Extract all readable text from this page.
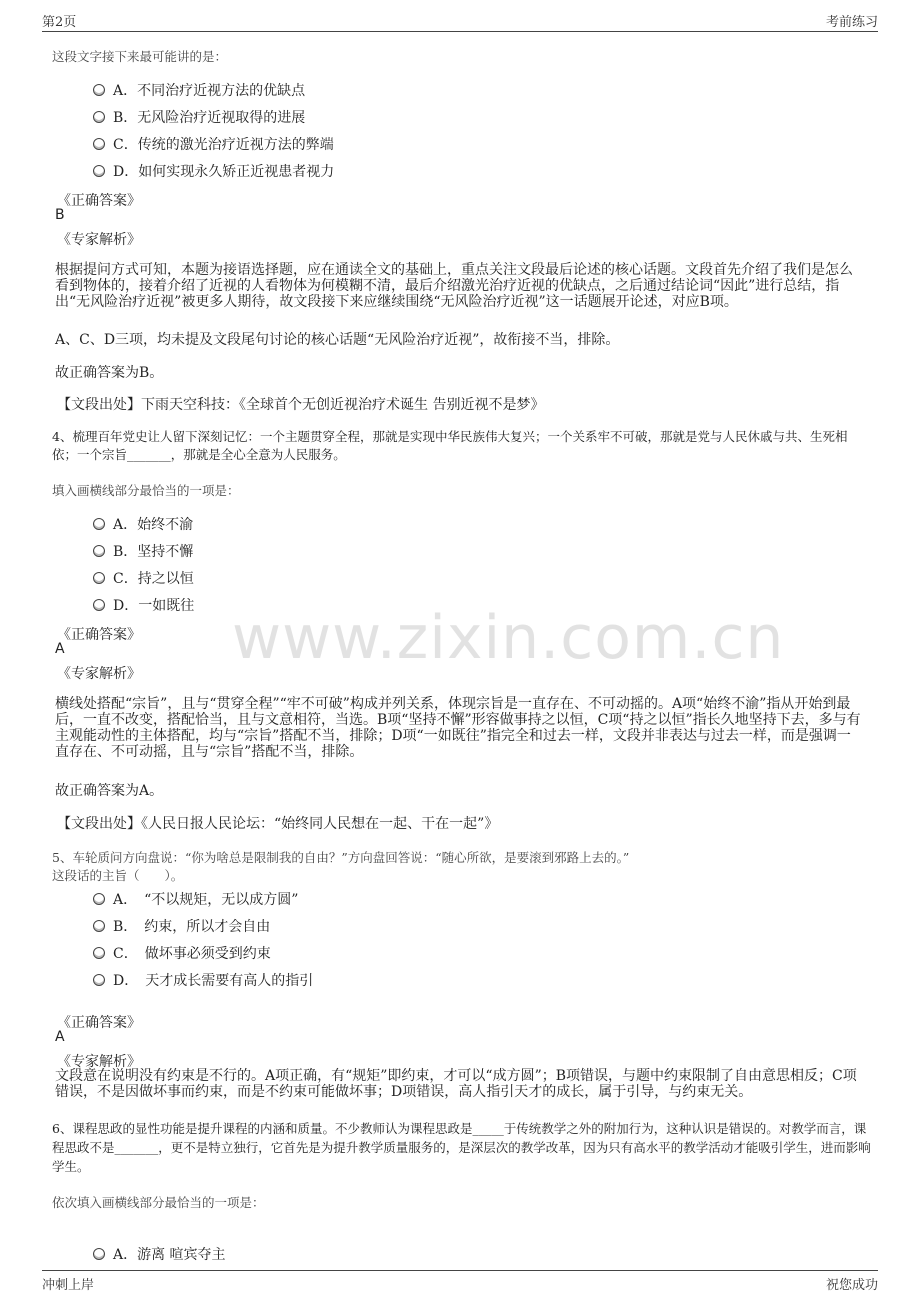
第2页	考前练习
www.zixin.com.cn
这段文字接下来最可能讲的是：
A．不同治疗近视方法的优缺点
B．无风险治疗近视取得的进展
C．传统的激光治疗近视方法的弊端
D．如何实现永久矫正近视患者视力
《正确答案》
B
《专家解析》
根据提问方式可知，本题为接语选择题，应在通读全文的基础上，重点关注文段最后论述的核心话题。文段首先介绍了我们是怎么看到物体的，接着介绍了近视的人看物体为何模糊不清，最后介绍激光治疗近视的优缺点，之后通过结论词“因此”进行总结，指出“无风险治疗近视”被更多人期待，故文段接下来应继续围绕“无风险治疗近视”这一话题展开论述，对应B项。
A、C、D三项，均未提及文段尾句讨论的核心话题“无风险治疗近视”，故衔接不当，排除。
故正确答案为B。
【文段出处】下雨天空科技：《全球首个无创近视治疗术诞生 告别近视不是梦》
4、梳理百年党史让人留下深刻记忆：一个主题贯穿全程，那就是实现中华民族伟大复兴；一个关系牢不可破，那就是党与人民休戚与共、生死相依；一个宗旨_______，那就是全心全意为人民服务。
填入画横线部分最恰当的一项是：
A．始终不渝
B．坚持不懈
C．持之以恒
D．一如既往
《正确答案》
A
《专家解析》
横线处搭配“宗旨”，且与“贯穿全程”“牢不可破”构成并列关系，体现宗旨是一直存在、不可动摇的。A项“始终不渝”指从开始到最后，一直不改变，搭配恰当，且与文意相符，当选。B项“坚持不懈”形容做事持之以恒，C项“持之以恒”指长久地坚持下去，多与有主观能动性的主体搭配，均与“宗旨”搭配不当，排除；D项“一如既往”指完全和过去一样，文段并非表达与过去一样，而是强调一直存在、不可动摇，且与“宗旨”搭配不当，排除。
故正确答案为A。
【文段出处】《人民日报人民论坛：“始终同人民想在一起、干在一起”》
5、车轮质问方向盘说：“你为啥总是限制我的自由？”方向盘回答说：“随心所欲，是要滚到邪路上去的。”
这段话的主旨（　　）。
A．　“不以规矩，无以成方圆”
B．　约束，所以才会自由
C．　做坏事必须受到约束
D．　天才成长需要有高人的指引
《正确答案》
A
《专家解析》
文段意在说明没有约束是不行的。A项正确，有“规矩”即约束，才可以“成方圆”；B项错误，与题中约束限制了自由意思相反；C项错误，不是因做坏事而约束，而是不约束可能做坏事；D项错误，高人指引天才的成长，属于引导，与约束无关。
6、课程思政的显性功能是提升课程的内涵和质量。不少教师认为课程思政是_____于传统教学之外的附加行为，这种认识是错误的。对教学而言，课程思政不是_______，更不是特立独行，它首先是为提升教学质量服务的，是深层次的教学改革，因为只有高水平的教学活动才能吸引学生，进而影响学生。
依次填入画横线部分最恰当的一项是：
A．游离 喧宾夺主
冲刺上岸	祝您成功
